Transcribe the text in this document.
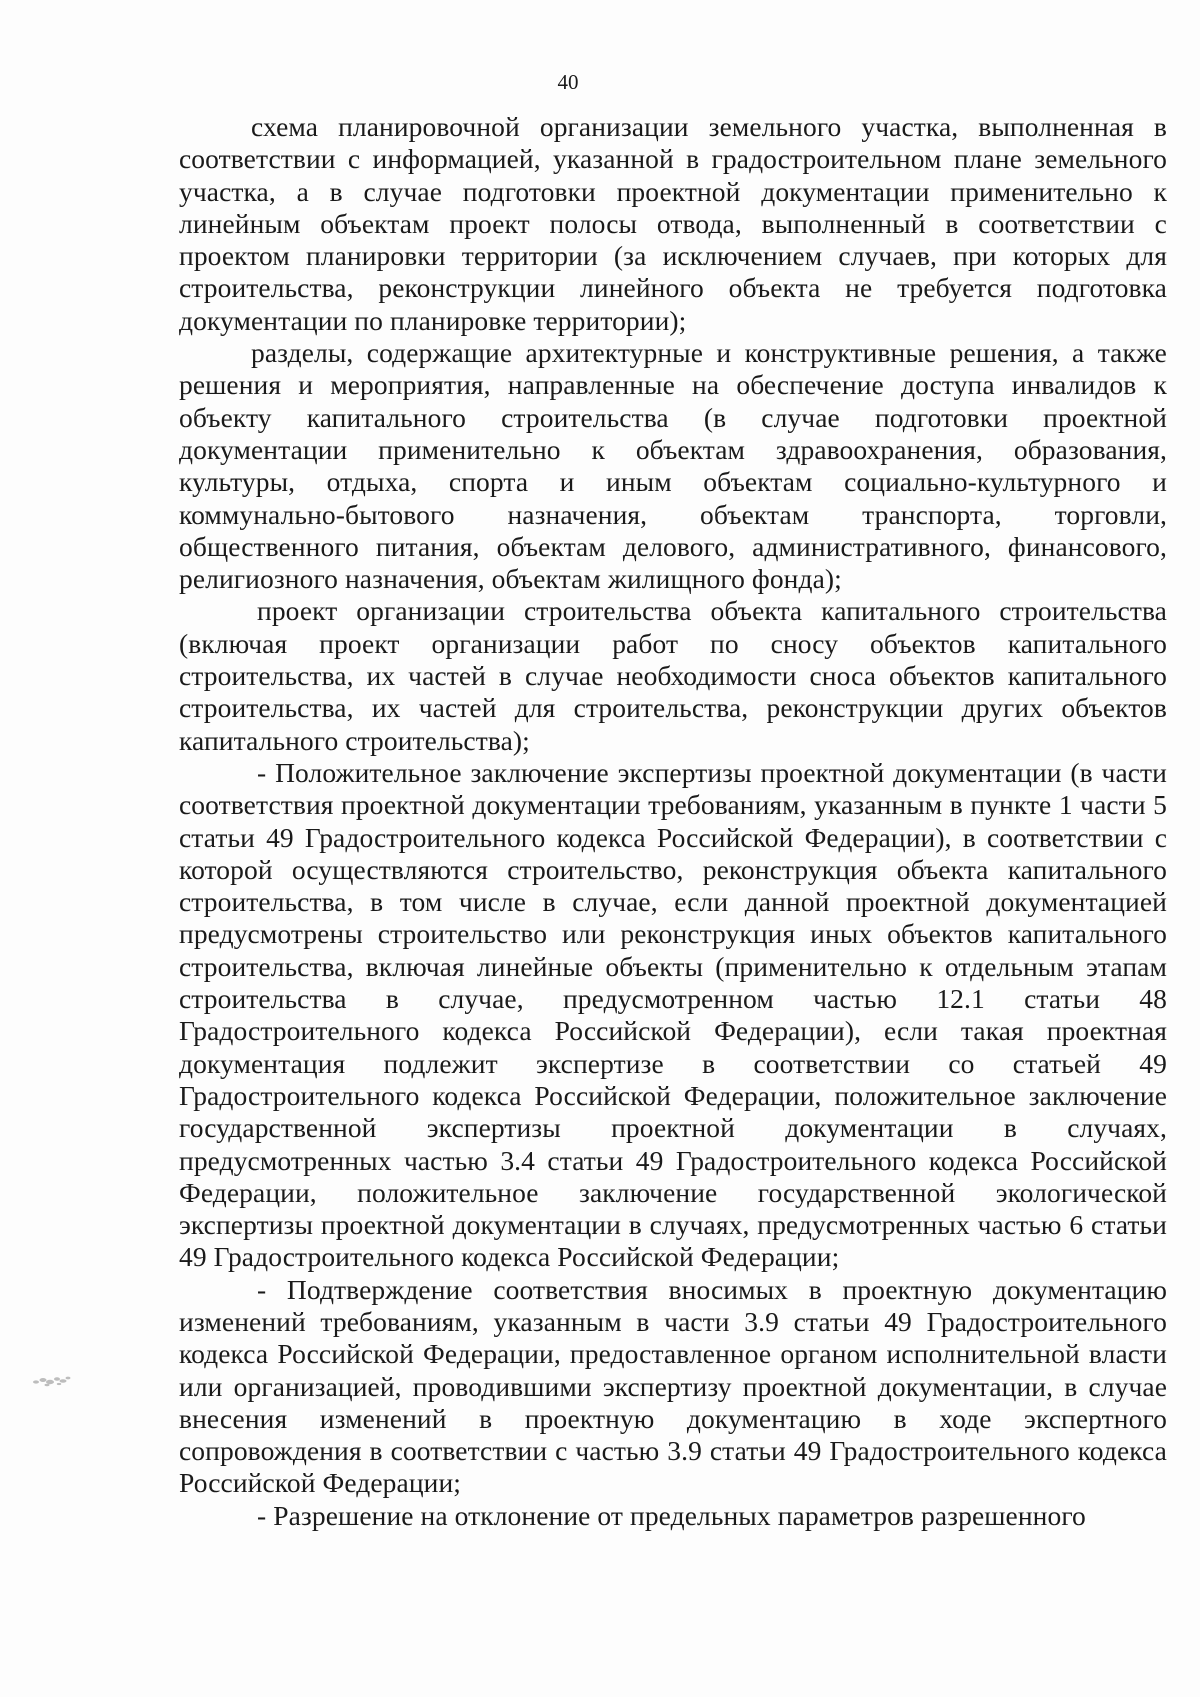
40

схема планировочной организации земельного участка, выполненная в соответствии с информацией, указанной в градостроительном плане земельного участка, а в случае подготовки проектной документации применительно к линейным объектам проект полосы отвода, выполненный в соответствии с проектом планировки территории (за исключением случаев, при которых для строительства, реконструкции линейного объекта не требуется подготовка документации по планировке территории);

разделы, содержащие архитектурные и конструктивные решения, а также решения и мероприятия, направленные на обеспечение доступа инвалидов к объекту капитального строительства (в случае подготовки проектной документации применительно к объектам здравоохранения, образования, культуры, отдыха, спорта и иным объектам социально-культурного и коммунально-бытового назначения, объектам транспорта, торговли, общественного питания, объектам делового, административного, финансового, религиозного назначения, объектам жилищного фонда);

проект организации строительства объекта капитального строительства (включая проект организации работ по сносу объектов капитального строительства, их частей в случае необходимости сноса объектов капитального строительства, их частей для строительства, реконструкции других объектов капитального строительства);

- Положительное заключение экспертизы проектной документации (в части соответствия проектной документации требованиям, указанным в пункте 1 части 5 статьи 49 Градостроительного кодекса Российской Федерации), в соответствии с которой осуществляются строительство, реконструкция объекта капитального строительства, в том числе в случае, если данной проектной документацией предусмотрены строительство или реконструкция иных объектов капитального строительства, включая линейные объекты (применительно к отдельным этапам строительства в случае, предусмотренном частью 12.1 статьи 48 Градостроительного кодекса Российской Федерации), если такая проектная документация подлежит экспертизе в соответствии со статьей 49 Градостроительного кодекса Российской Федерации, положительное заключение государственной экспертизы проектной документации в случаях, предусмотренных частью 3.4 статьи 49 Градостроительного кодекса Российской Федерации, положительное заключение государственной экологической экспертизы проектной документации в случаях, предусмотренных частью 6 статьи 49 Градостроительного кодекса Российской Федерации;

- Подтверждение соответствия вносимых в проектную документацию изменений требованиям, указанным в части 3.9 статьи 49 Градостроительного кодекса Российской Федерации, предоставленное органом исполнительной власти или организацией, проводившими экспертизу проектной документации, в случае внесения изменений в проектную документацию в ходе экспертного сопровождения в соответствии с частью 3.9 статьи 49 Градостроительного кодекса Российской Федерации;

- Разрешение на отклонение от предельных параметров разрешенного
